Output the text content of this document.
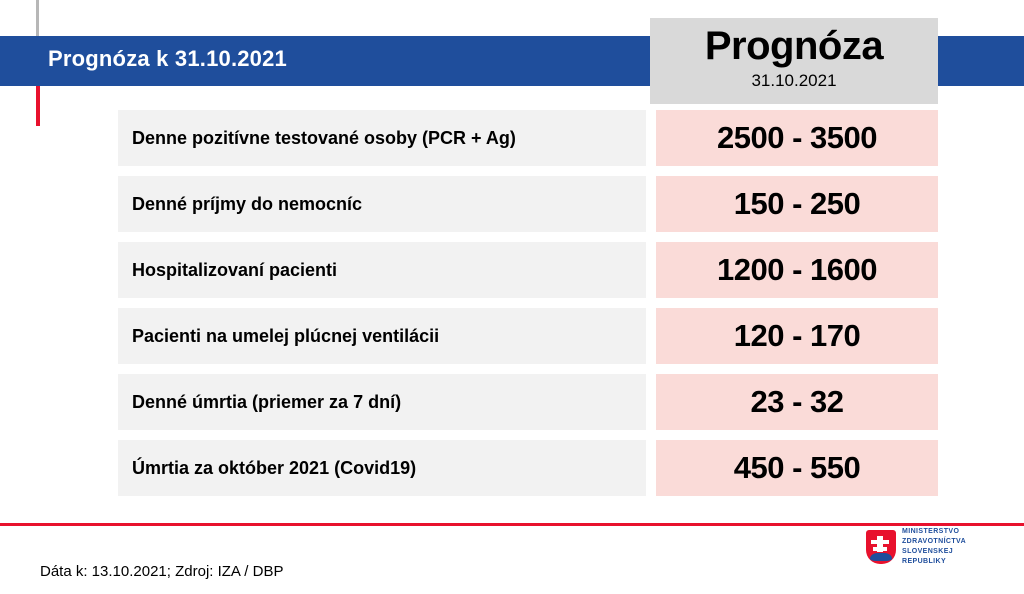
Prognóza k 31.10.2021	Prognóza
31.10.2021
Denne pozitívne testované osoby (PCR + Ag)	2500 - 3500
Denné príjmy do nemocníc	150 - 250
Hospitalizovaní pacienti	1200 - 1600
Pacienti na umelej plúcnej ventilácii	120 - 170
Denné úmrtia (priemer za 7 dní)	23 - 32
Úmrtia za október 2021 (Covid19)	450 - 550
Dáta k: 13.10.2021; Zdroj: IZA / DBP
MINISTERSTVO
ZDRAVOTNÍCTVA
SLOVENSKEJ REPUBLIKY
